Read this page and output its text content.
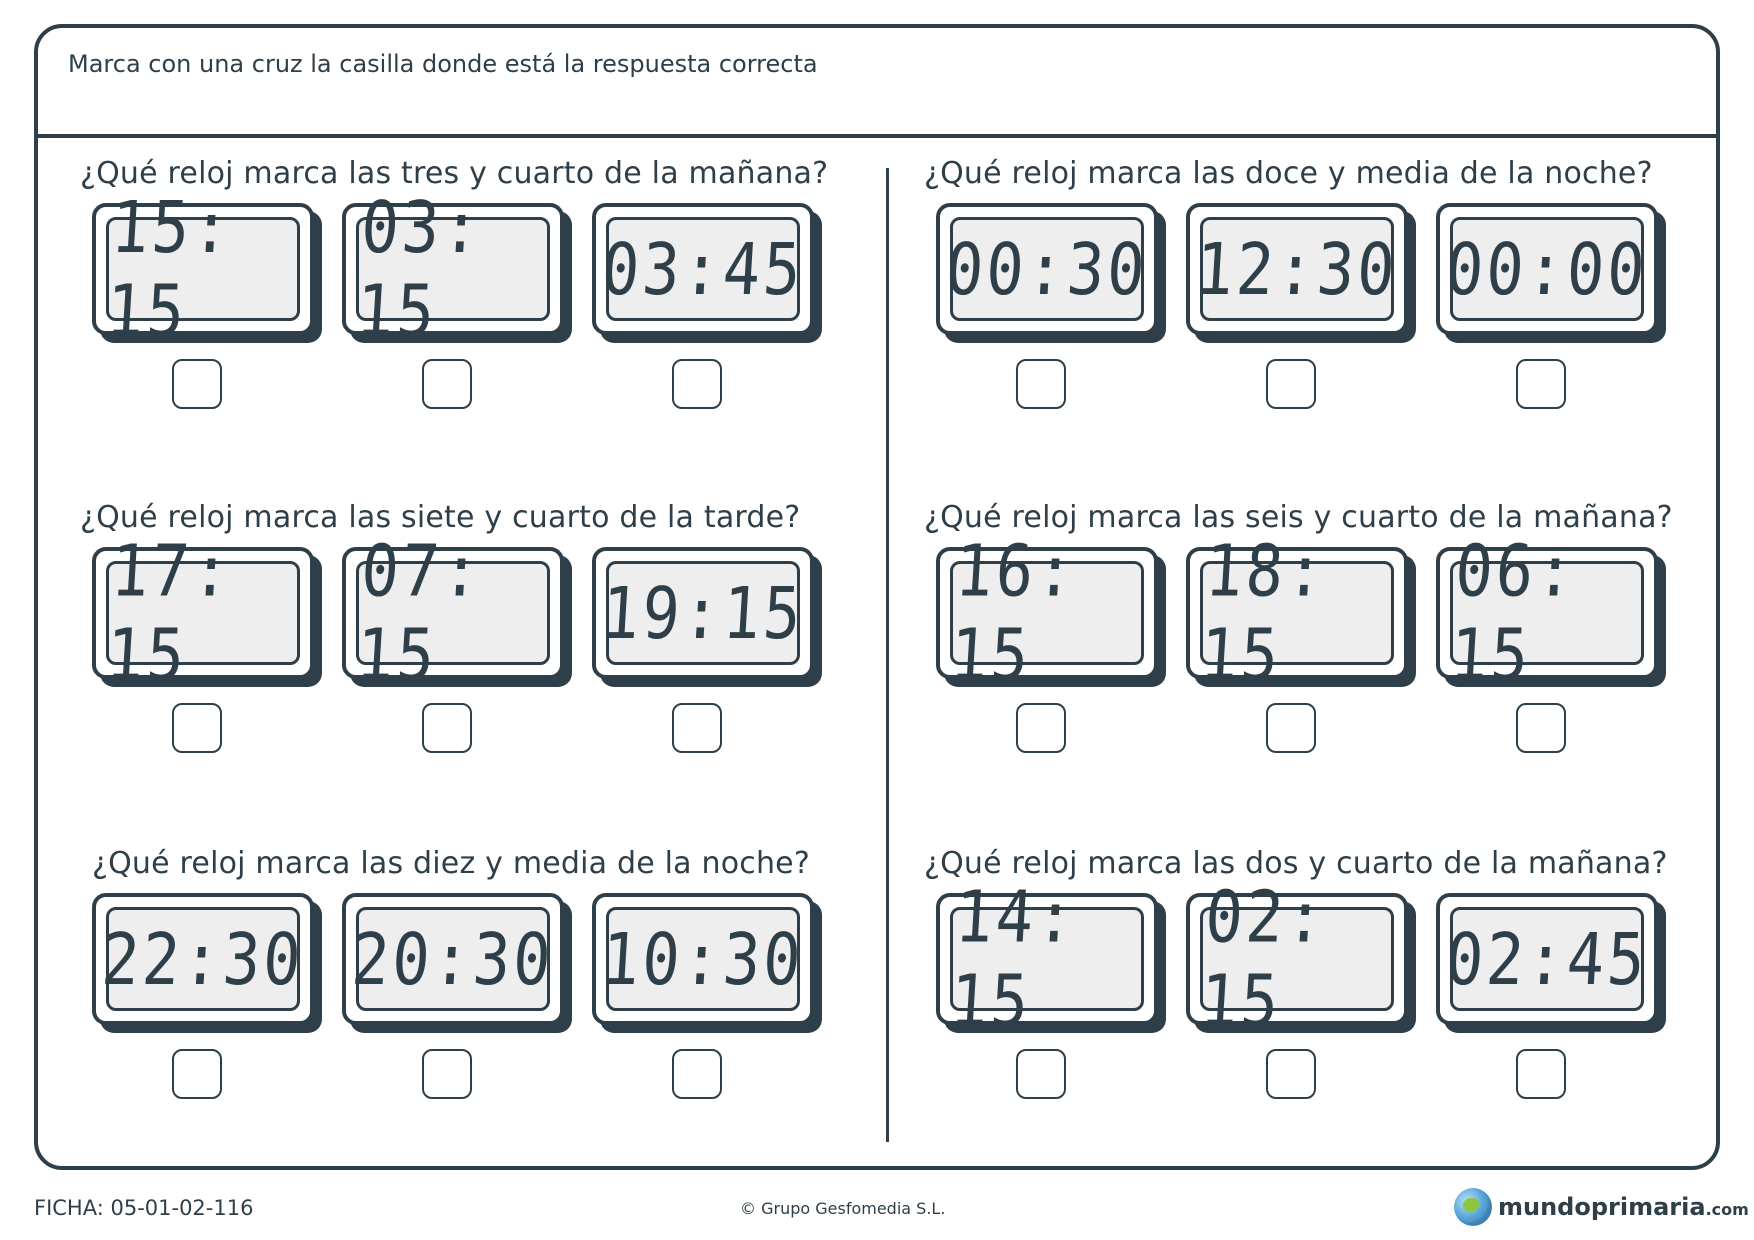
Marca con una cruz la casilla donde está la respuesta correcta
¿Qué reloj marca las tres y cuarto de la mañana?
15: 15
03: 15	03:45
¿Qué reloj marca las doce y media de la noche?
00:30 12:30 00:00
¿Qué reloj marca las siete y cuarto de la tarde?
17: 15
07: 15	19:15
¿Qué reloj marca las seis y cuarto de la mañana?
16: 15
18: 15
06: 15
¿Qué reloj marca las diez y media de la noche?
22:30 20:30 10:30
¿Qué reloj marca las dos y cuarto de la mañana?
14: 15
02: 15	02:45
FICHA: 05-01-02-116	© Grupo Gesfomedia S.L.	mundoprimaria.com
